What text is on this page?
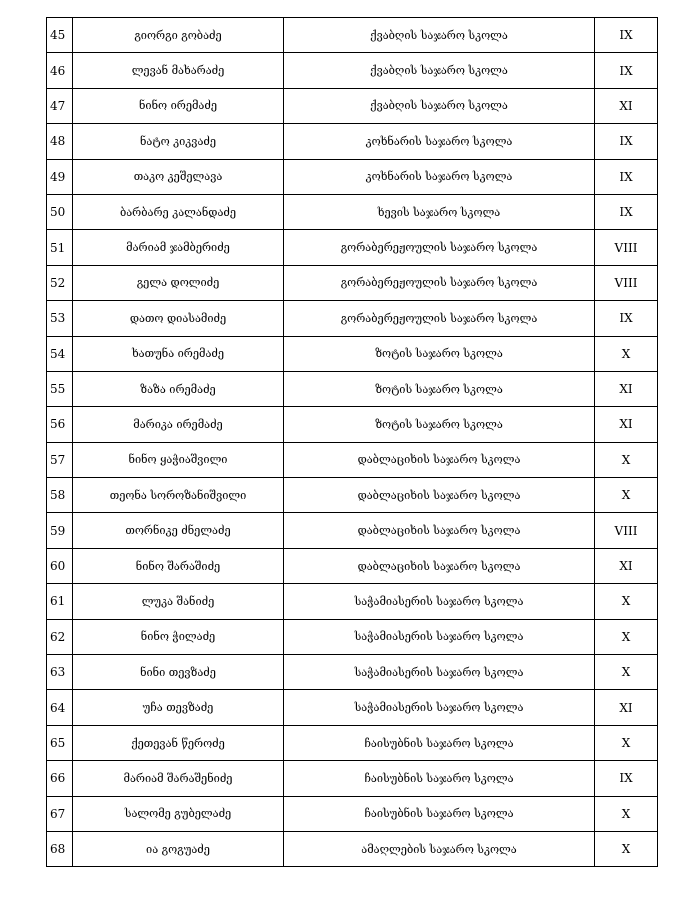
45	გიორგი გობაძე	ქვაბღის საჯარო სკოლა	IX
46	ლევან მახარაძე	ქვაბღის საჯარო სკოლა	IX
47	ნინო ირემაძე	ქვაბღის საჯარო სკოლა	XI
48	ნატო კიკვაძე	კოხნარის საჯარო სკოლა	IX
49	თაკო კეშელავა	კოხნარის საჯარო სკოლა	IX
50	ბარბარე კალანდაძე	ხევის საჯარო სკოლა	IX
51	მარიამ ჯამბერიძე	გორაბერეჟოულის საჯარო სკოლა	VIII
52	გელა დოლიძე	გორაბერეჟოულის საჯარო სკოლა	VIII
53	დათო დიასამიძე	გორაბერეჟოულის საჯარო სკოლა	IX
54	ხათუნა ირემაძე	ზოტის საჯარო სკოლა	X
55	ზაზა ირემაძე	ზოტის საჯარო სკოლა	XI
56	მარიკა ირემაძე	ზოტის საჯარო სკოლა	XI
57	ნინო ყაჭიაშვილი	დაბლაციხის საჯარო სკოლა	X
58	თეონა სოროზანიშვილი	დაბლაციხის საჯარო სკოლა	X
59	თორნიკე ძნელაძე	დაბლაციხის საჯარო სკოლა	VIII
60	ნინო შარაშიძე	დაბლაციხის საჯარო სკოლა	XI
61	ლუკა შანიძე	საჭამიასერის საჯარო სკოლა	X
62	ნინო ჭილაძე	საჭამიასერის საჯარო სკოლა	X
63	ნინი თევზაძე	საჭამიასერის საჯარო სკოლა	X
64	უჩა თევზაძე	საჭამიასერის საჯარო სკოლა	XI
65	ქეთევან წეროძე	ჩაისუბნის საჯარო სკოლა	X
66	მარიამ შარაშენიძე	ჩაისუბნის საჯარო სკოლა	IX
67	სალომე გუბელაძე	ჩაისუბნის საჯარო სკოლა	X
68	ია გოგუაძე	ამაღლების საჯარო სკოლა	X
